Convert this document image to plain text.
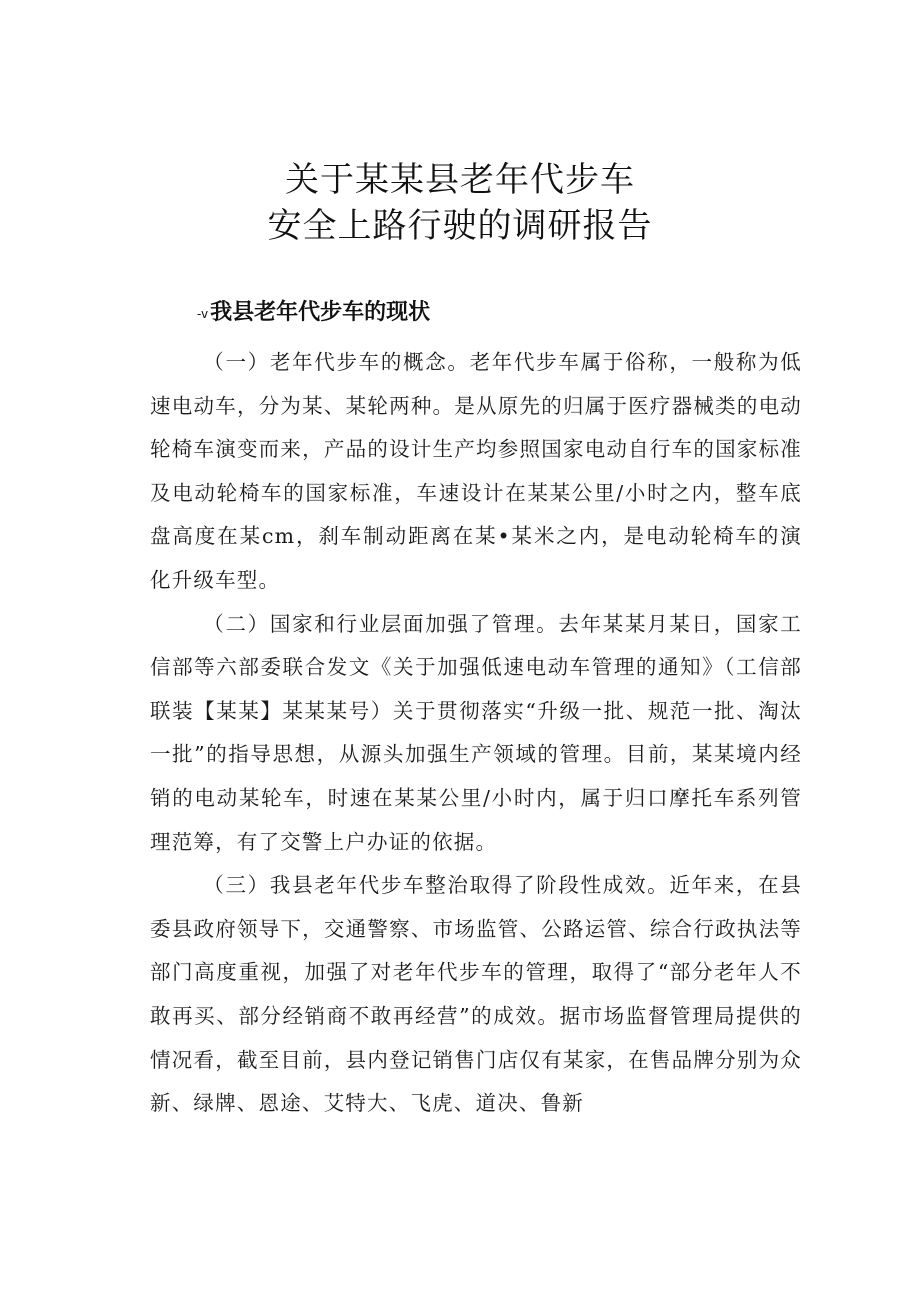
关于某某县老年代步车
安全上路行驶的调研报告
-v我县老年代步车的现状

（一）老年代步车的概念。老年代步车属于俗称，一般称为低速电动车，分为某、某轮两种。是从原先的归属于医疗器械类的电动轮椅车演变而来，产品的设计生产均参照国家电动自行车的国家标准及电动轮椅车的国家标准，车速设计在某某公里/小时之内，整车底盘高度在某cm，刹车制动距离在某•某米之内，是电动轮椅车的演化升级车型。

（二）国家和行业层面加强了管理。去年某某月某日，国家工信部等六部委联合发文《关于加强低速电动车管理的通知》（工信部联装【某某】某某某号）关于贯彻落实“升级一批、规范一批、淘汰一批”的指导思想，从源头加强生产领域的管理。目前，某某境内经销的电动某轮车，时速在某某公里/小时内，属于归口摩托车系列管理范筹，有了交警上户办证的依据。

（三）我县老年代步车整治取得了阶段性成效。近年来，在县委县政府领导下，交通警察、市场监管、公路运管、综合行政执法等部门高度重视，加强了对老年代步车的管理，取得了“部分老年人不敢再买、部分经销商不敢再经营”的成效。据市场监督管理局提供的情况看，截至目前，县内登记销售门店仅有某家，在售品牌分别为众新、绿牌、恩途、艾特大、飞虎、道决、鲁新
